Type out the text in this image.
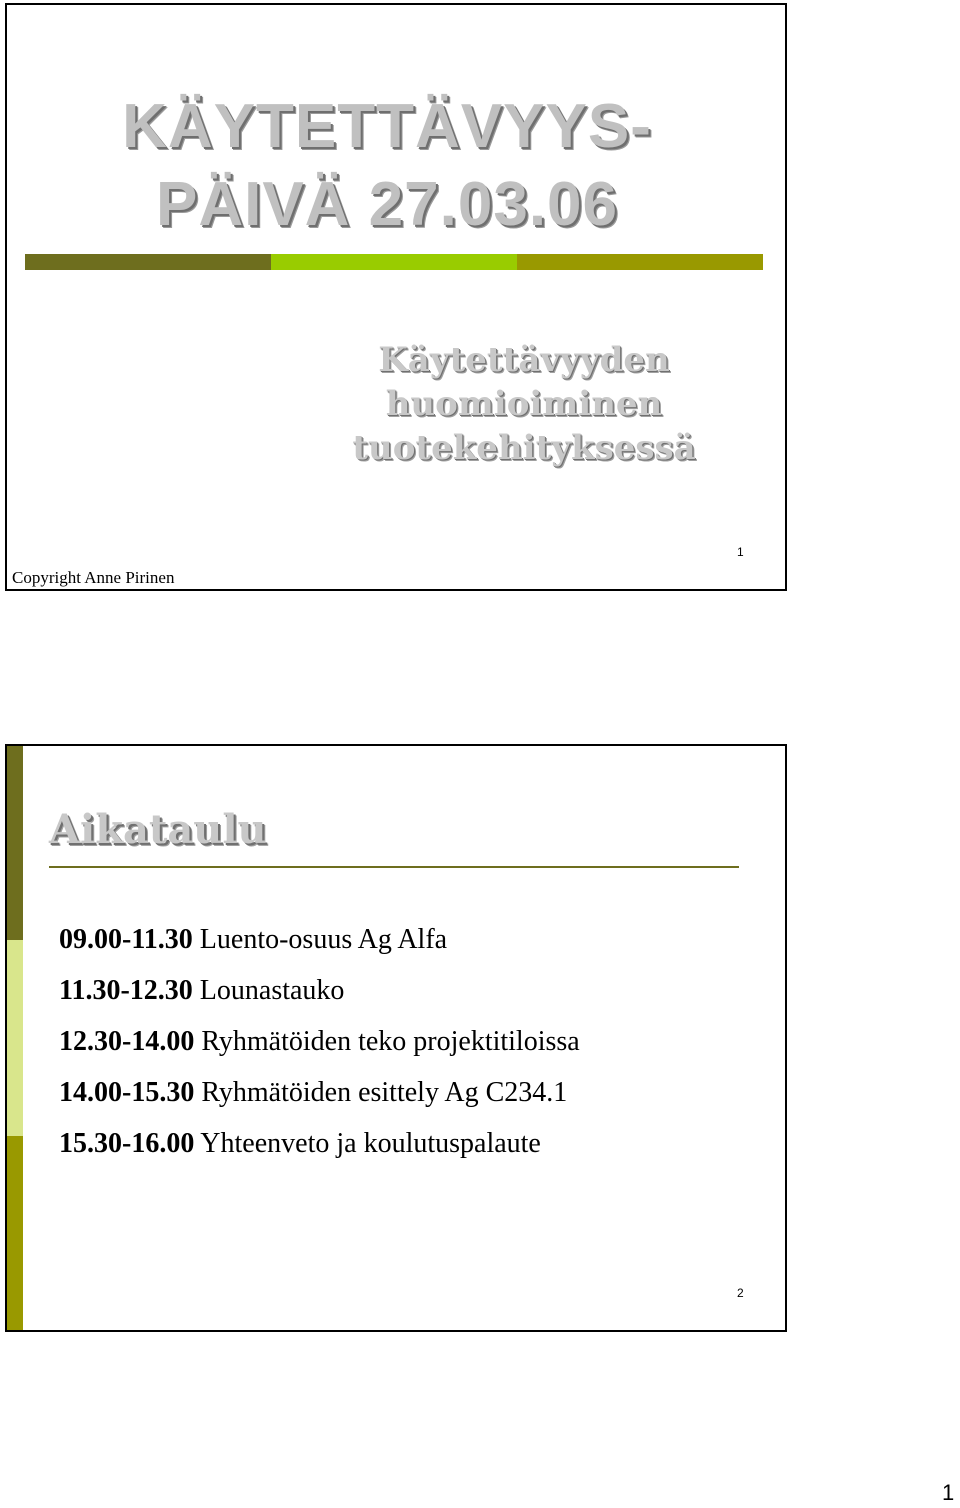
KÄYTETTÄVYYS-
PÄIVÄ 27.03.06
Käytettävyyden
huomioiminen
tuotekehityksessä
Copyright Anne Pirinen
1
Aikataulu
09.00-11.30 Luento-osuus Ag Alfa
11.30-12.30 Lounastauko
12.30-14.00 Ryhmätöiden teko projektitiloissa
14.00-15.30 Ryhmätöiden esittely Ag C234.1
15.30-16.00 Yhteenveto ja koulutuspalaute
2
1
